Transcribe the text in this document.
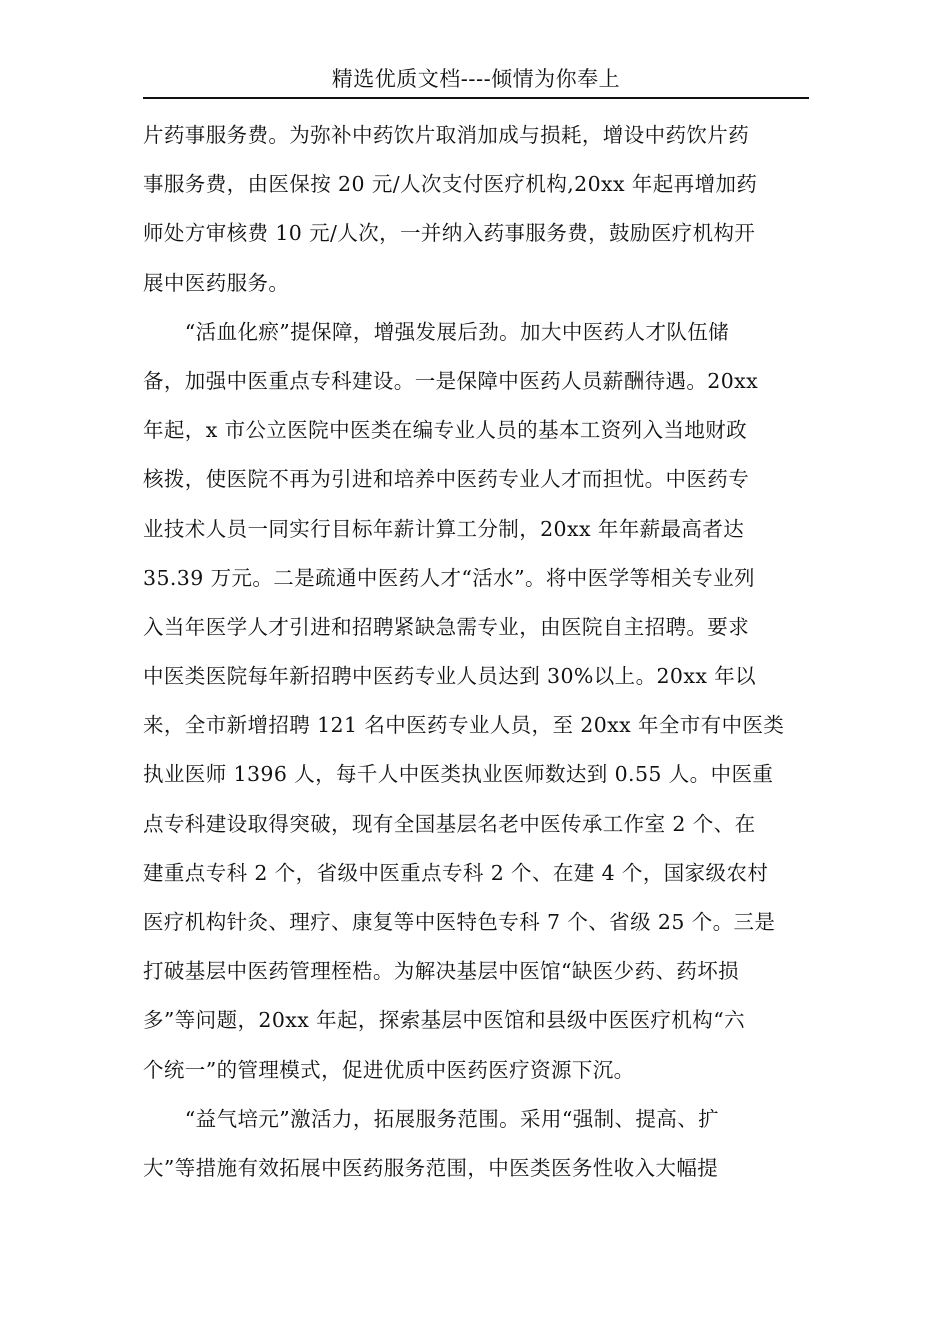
精选优质文档----倾情为你奉上
片药事服务费。为弥补中药饮片取消加成与损耗，增设中药饮片药
事服务费，由医保按 20 元/人次支付医疗机构,20xx 年起再增加药
师处方审核费 10 元/人次，一并纳入药事服务费，鼓励医疗机构开
展中医药服务。
　　“活血化瘀”提保障，增强发展后劲。加大中医药人才队伍储
备，加强中医重点专科建设。一是保障中医药人员薪酬待遇。20xx
年起，x 市公立医院中医类在编专业人员的基本工资列入当地财政
核拨，使医院不再为引进和培养中医药专业人才而担忧。中医药专
业技术人员一同实行目标年薪计算工分制，20xx 年年薪最高者达
35.39 万元。二是疏通中医药人才“活水”。将中医学等相关专业列
入当年医学人才引进和招聘紧缺急需专业，由医院自主招聘。要求
中医类医院每年新招聘中医药专业人员达到 30%以上。20xx 年以
来，全市新增招聘 121 名中医药专业人员，至 20xx 年全市有中医类
执业医师 1396 人，每千人中医类执业医师数达到 0.55 人。中医重
点专科建设取得突破，现有全国基层名老中医传承工作室 2 个、在
建重点专科 2 个，省级中医重点专科 2 个、在建 4 个，国家级农村
医疗机构针灸、理疗、康复等中医特色专科 7 个、省级 25 个。三是
打破基层中医药管理桎梏。为解决基层中医馆“缺医少药、药坏损
多”等问题，20xx 年起，探索基层中医馆和县级中医医疗机构“六
个统一”的管理模式，促进优质中医药医疗资源下沉。
　　“益气培元”激活力，拓展服务范围。采用“强制、提高、扩
大”等措施有效拓展中医药服务范围，中医类医务性收入大幅提
